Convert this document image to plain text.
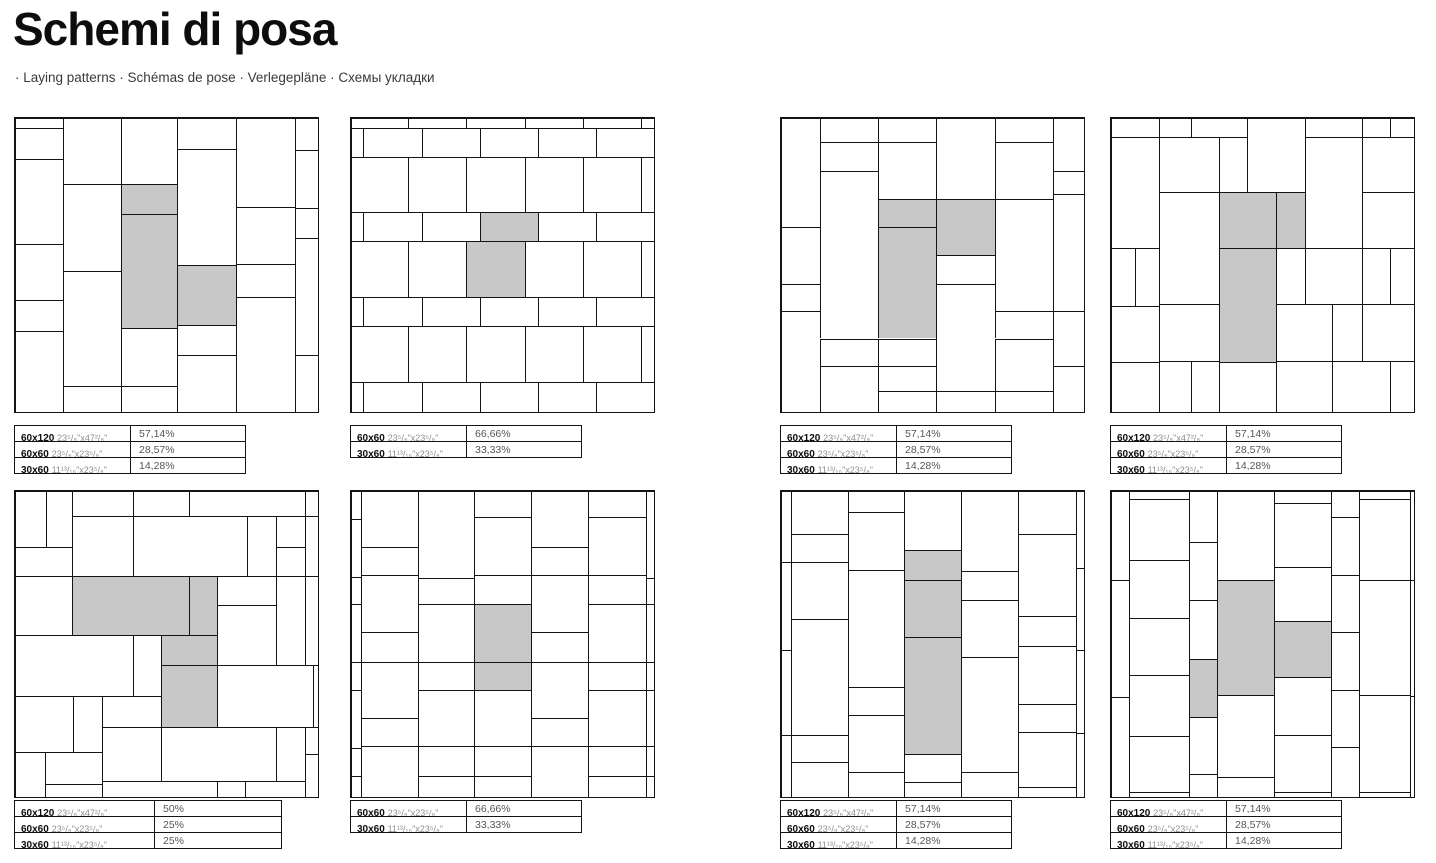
Schemi di posa
· Laying patterns · Schémas de pose · Verlegepläne · Схемы укладки
60x120 23⁵/₈"x47²/₈"	57,14%
60x60 23⁵/₈"x23⁵/₈"	28,57%
30x60 11¹³/₁₆"x23⁵/₈"	14,28%
60x60 23⁵/₈"x23⁵/₈"	66,66%
30x60 11¹³/₁₆"x23⁵/₈"	33,33%
60x120 23⁵/₈"x47²/₈"	57,14%
60x60 23⁵/₈"x23⁵/₈"	28,57%
30x60 11¹³/₁₆"x23⁵/₈"	14,28%
60x120 23⁵/₈"x47²/₈"	57,14%
60x60 23⁵/₈"x23⁵/₈"	28,57%
30x60 11¹³/₁₆"x23⁵/₈"	14,28%
60x120 23⁵/₈"x47²/₈"	50%
60x60 23⁵/₈"x23⁵/₈"	25%
30x60 11¹³/₁₆"x23⁵/₈"	25%
60x60 23⁵/₈"x23⁵/₈"	66,66%
30x60 11¹³/₁₆"x23⁵/₈"	33,33%
60x120 23⁵/₈"x47²/₈"	57,14%
60x60 23⁵/₈"x23⁵/₈"	28,57%
30x60 11¹³/₁₆"x23⁵/₈"	14,28%
60x120 23⁵/₈"x47²/₈"	57,14%
60x60 23⁵/₈"x23⁵/₈"	28,57%
30x60 11¹³/₁₆"x23⁵/₈"	14,28%
